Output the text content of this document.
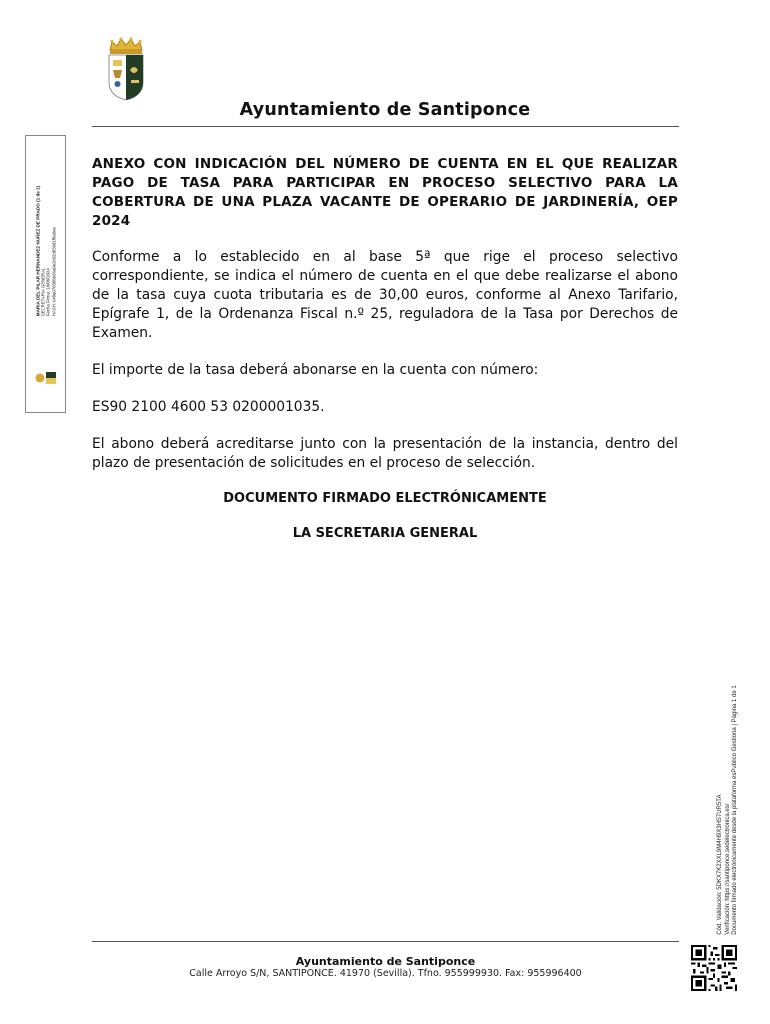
Ayuntamiento de Santiponce
MARIA DEL PILAR HERNANDEZ NUÑEZ DE PRADO (1 de 1)
SECRETARIA GENERAL
Fecha Firma: 18/06/2024
HASH: c48a0703d5e96a0e2c02d039d1f8a9ee

ANEXO CON INDICACIÓN DEL NÚMERO DE CUENTA EN EL QUE REALIZAR PAGO DE TASA PARA PARTICIPAR EN PROCESO SELECTIVO PARA LA COBERTURA DE UNA PLAZA VACANTE DE OPERARIO DE JARDINERÍA, OEP 2024

Conforme a lo establecido en al base 5ª que rige el proceso selectivo correspondiente, se indica el número de cuenta en el que debe realizarse el abono de la tasa cuya cuota tributaria es de 30,00 euros, conforme al Anexo Tarifario, Epígrafe 1, de la Ordenanza Fiscal n.º 25, reguladora de la Tasa por Derechos de Examen.

El importe de la tasa deberá abonarse en la cuenta con número:

ES90 2100 4600 53 0200001035.

El abono deberá acreditarse junto con la presentación de la instancia, dentro del plazo de presentación de solicitudes en el proceso de selección.

DOCUMENTO FIRMADO ELECTRÓNICAMENTE

LA SECRETARIA GENERAL

Cód. Validación: 5DKX7K2XXL9M4H9X3HS7UR5TA Verificación: https://santiponce.sedelectronica.es/ Documento firmado electrónicamente desde la plataforma esPublico Gestiona | Página 1 de 1
Ayuntamiento de Santiponce
Calle Arroyo S/N, SANTIPONCE. 41970 (Sevilla). Tfno. 955999930. Fax: 955996400
